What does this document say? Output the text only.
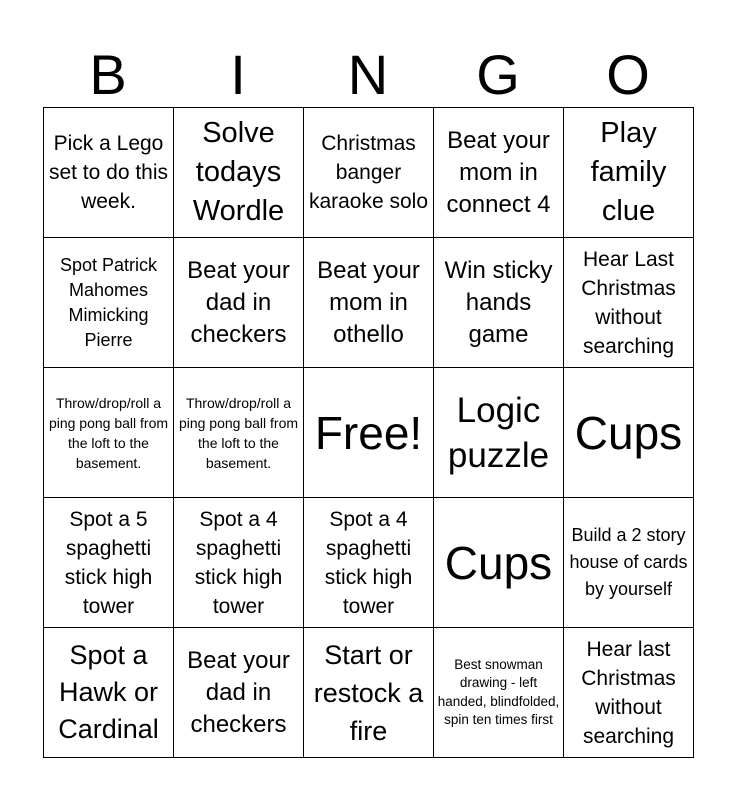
B	I	N	G	O
Pick a Lego set to do this week.	Solve todays Wordle	Christmas banger karaoke solo	Beat your mom in connect 4	Play family clue

Spot Patrick Mahomes Mimicking Pierre	Beat your dad in checkers	Beat your mom in othello	Win sticky hands game	Hear Last Christmas without searching

Throw/drop/roll a ping pong ball from the loft to the basement.	Throw/drop/roll a ping pong ball from the loft to the basement.	Free!	Logic puzzle	Cups

Spot a 5 spaghetti stick high tower	Spot a 4 spaghetti stick high tower	Spot a 4 spaghetti stick high tower	Cups	Build a 2 story house of cards by yourself

Spot a Hawk or Cardinal	Beat your dad in checkers	Start or restock a fire	Best snowman drawing - left handed, blindfolded, spin ten times first	Hear last Christmas without searching
